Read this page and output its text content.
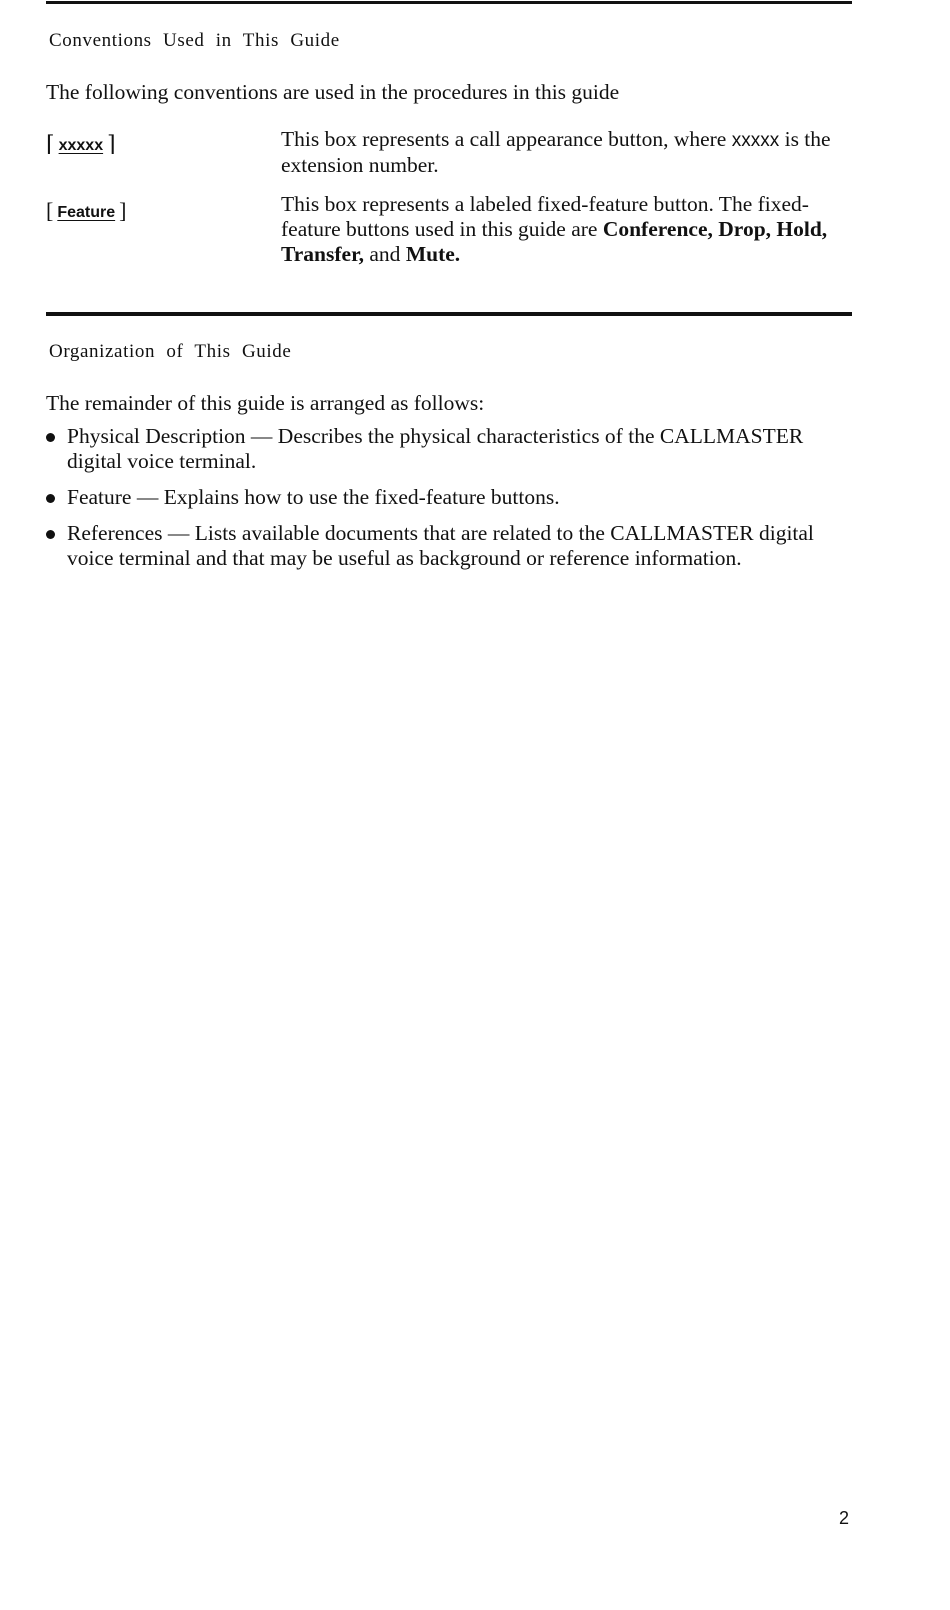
Conventions Used in This Guide
The following conventions are used in the procedures in this guide
⌈ xxxxx ⌉	This box represents a call appearance button, where xxxxx is the extension number.
[ Feature ]	This box represents a labeled fixed-feature button. The fixed-feature buttons used in this guide are Conference, Drop, Hold, Transfer, and Mute.
Organization of This Guide
The remainder of this guide is arranged as follows:
Physical Description — Describes the physical characteristics of the CALLMASTER digital voice terminal.
Feature — Explains how to use the fixed-feature buttons.
References — Lists available documents that are related to the CALLMASTER digital voice terminal and that may be useful as background or reference information.
2
